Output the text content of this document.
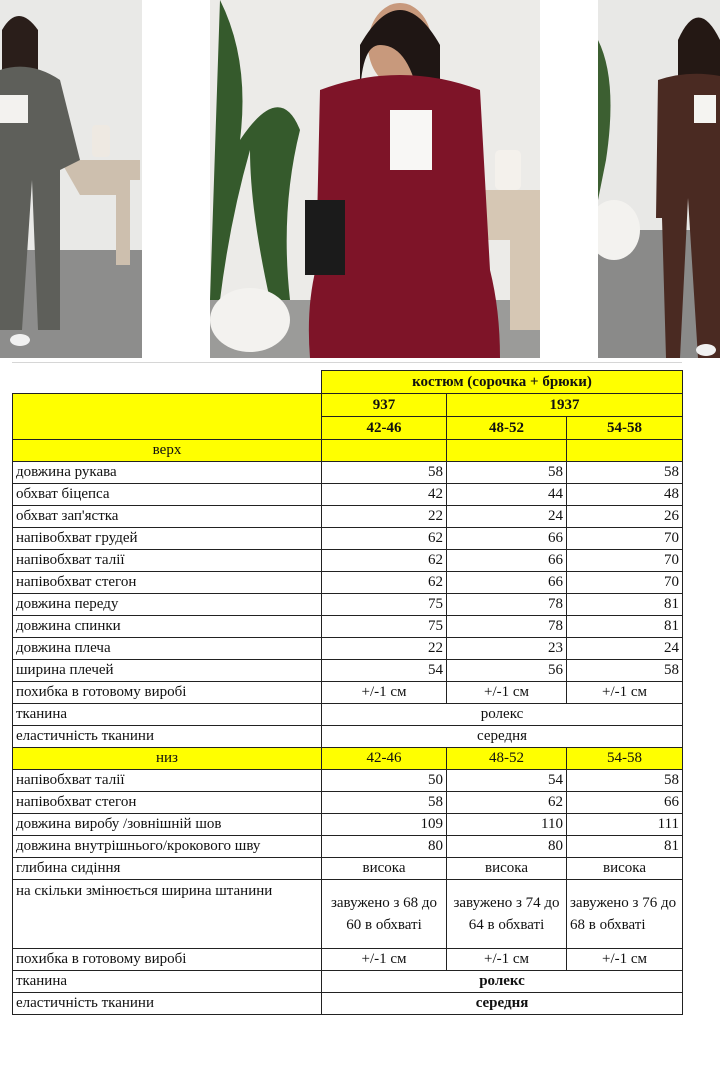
	костюм (сорочка + брюки)		
	937	1937	
	42-46	48-52	54-58
верх			
довжина рукава	58	58	58
обхват біцепса	42	44	48
обхват зап'ястка	22	24	26
напівобхват грудей	62	66	70
напівобхват талії	62	66	70
напівобхват стегон	62	66	70
довжина переду	75	78	81
довжина спинки	75	78	81
довжина плеча	22	23	24
ширина плечей	54	56	58
похибка в готовому виробі	+/-1 см	+/-1 см	+/-1 см
тканина	ролекс		
еластичність тканини	середня		
низ	42-46	48-52	54-58
напівобхват талії	50	54	58
напівобхват стегон	58	62	66
довжина виробу /зовнішній шов	109	110	111
довжина внутрішнього/крокового шву	80	80	81
глибина сидіння	висока	висока	висока
на скільки змінюється ширина штанини	завужено з 68 до 60 в обхваті	завужено з 74 до 64 в обхваті	завужено з 76 до 68 в обхваті
похибка в готовому виробі	+/-1 см	+/-1 см	+/-1 см
тканина	ролекс		
еластичність тканини	середня		
